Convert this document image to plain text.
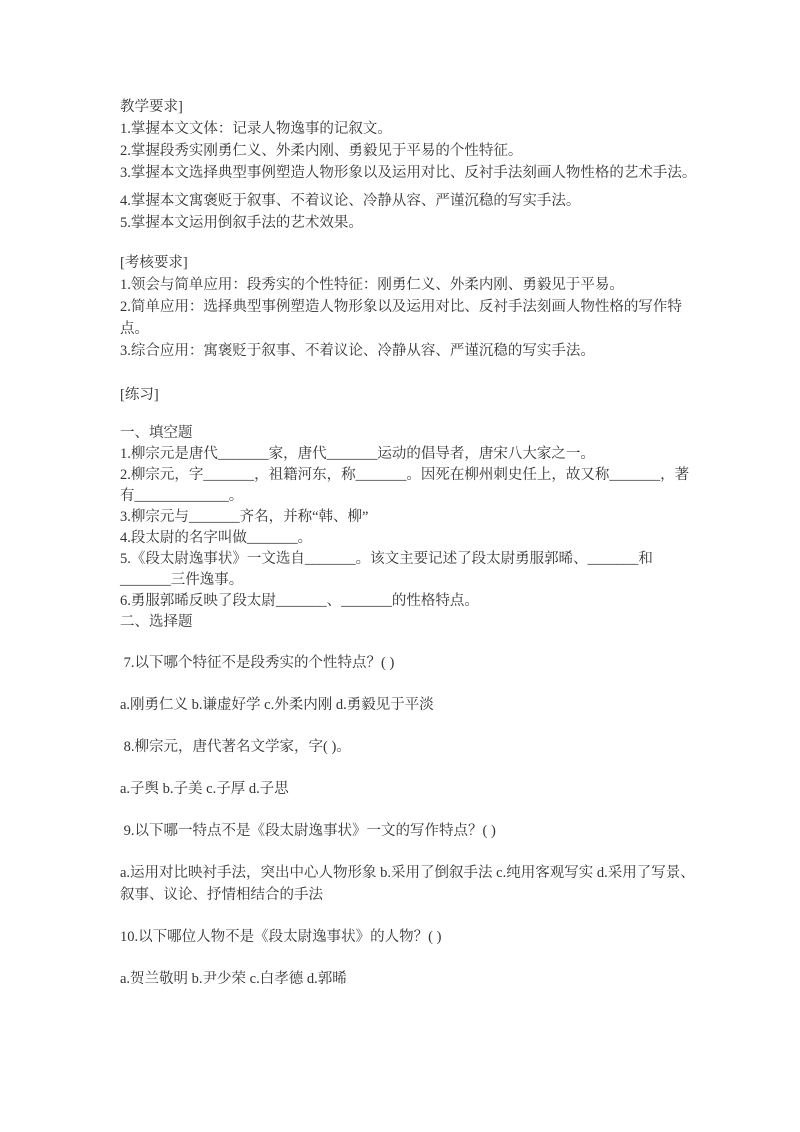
教学要求]
1.掌握本文文体：记录人物逸事的记叙文。
2.掌握段秀实刚勇仁义、外柔内刚、勇毅见于平易的个性特征。
3.掌握本文选择典型事例塑造人物形象以及运用对比、反衬手法刻画人物性格的艺术手法。
4.掌握本文寓褒贬于叙事、不着议论、冷静从容、严谨沉稳的写实手法。
5.掌握本文运用倒叙手法的艺术效果。
[考核要求]
1.领会与简单应用：段秀实的个性特征：刚勇仁义、外柔内刚、勇毅见于平易。
2.简单应用：选择典型事例塑造人物形象以及运用对比、反衬手法刻画人物性格的写作特
点。
3.综合应用：寓褒贬于叙事、不着议论、冷静从容、严谨沉稳的写实手法。
[练习]
一、填空题
1.柳宗元是唐代_______家，唐代_______运动的倡导者，唐宋八大家之一。
2.柳宗元，字_______，祖籍河东，称_______。因死在柳州刺史任上，故又称_______，著
有_____________。
3.柳宗元与_______齐名，并称“韩、柳”
4.段太尉的名字叫做_______。
5.《段太尉逸事状》一文选自_______。该文主要记述了段太尉勇服郭晞、_______和
_______三件逸事。
6.勇服郭晞反映了段太尉_______、_______的性格特点。
二、选择题
7.以下哪个特征不是段秀实的个性特点？( )
a.刚勇仁义 b.谦虚好学 c.外柔内刚 d.勇毅见于平淡
8.柳宗元，唐代著名文学家，字( )。
a.子舆 b.子美 c.子厚 d.子思
9.以下哪一特点不是《段太尉逸事状》一文的写作特点？( )
a.运用对比映衬手法，突出中心人物形象 b.采用了倒叙手法 c.纯用客观写实 d.采用了写景、
叙事、议论、抒情相结合的手法
10.以下哪位人物不是《段太尉逸事状》的人物？( )
a.贺兰敬明 b.尹少荣 c.白孝德 d.郭晞
